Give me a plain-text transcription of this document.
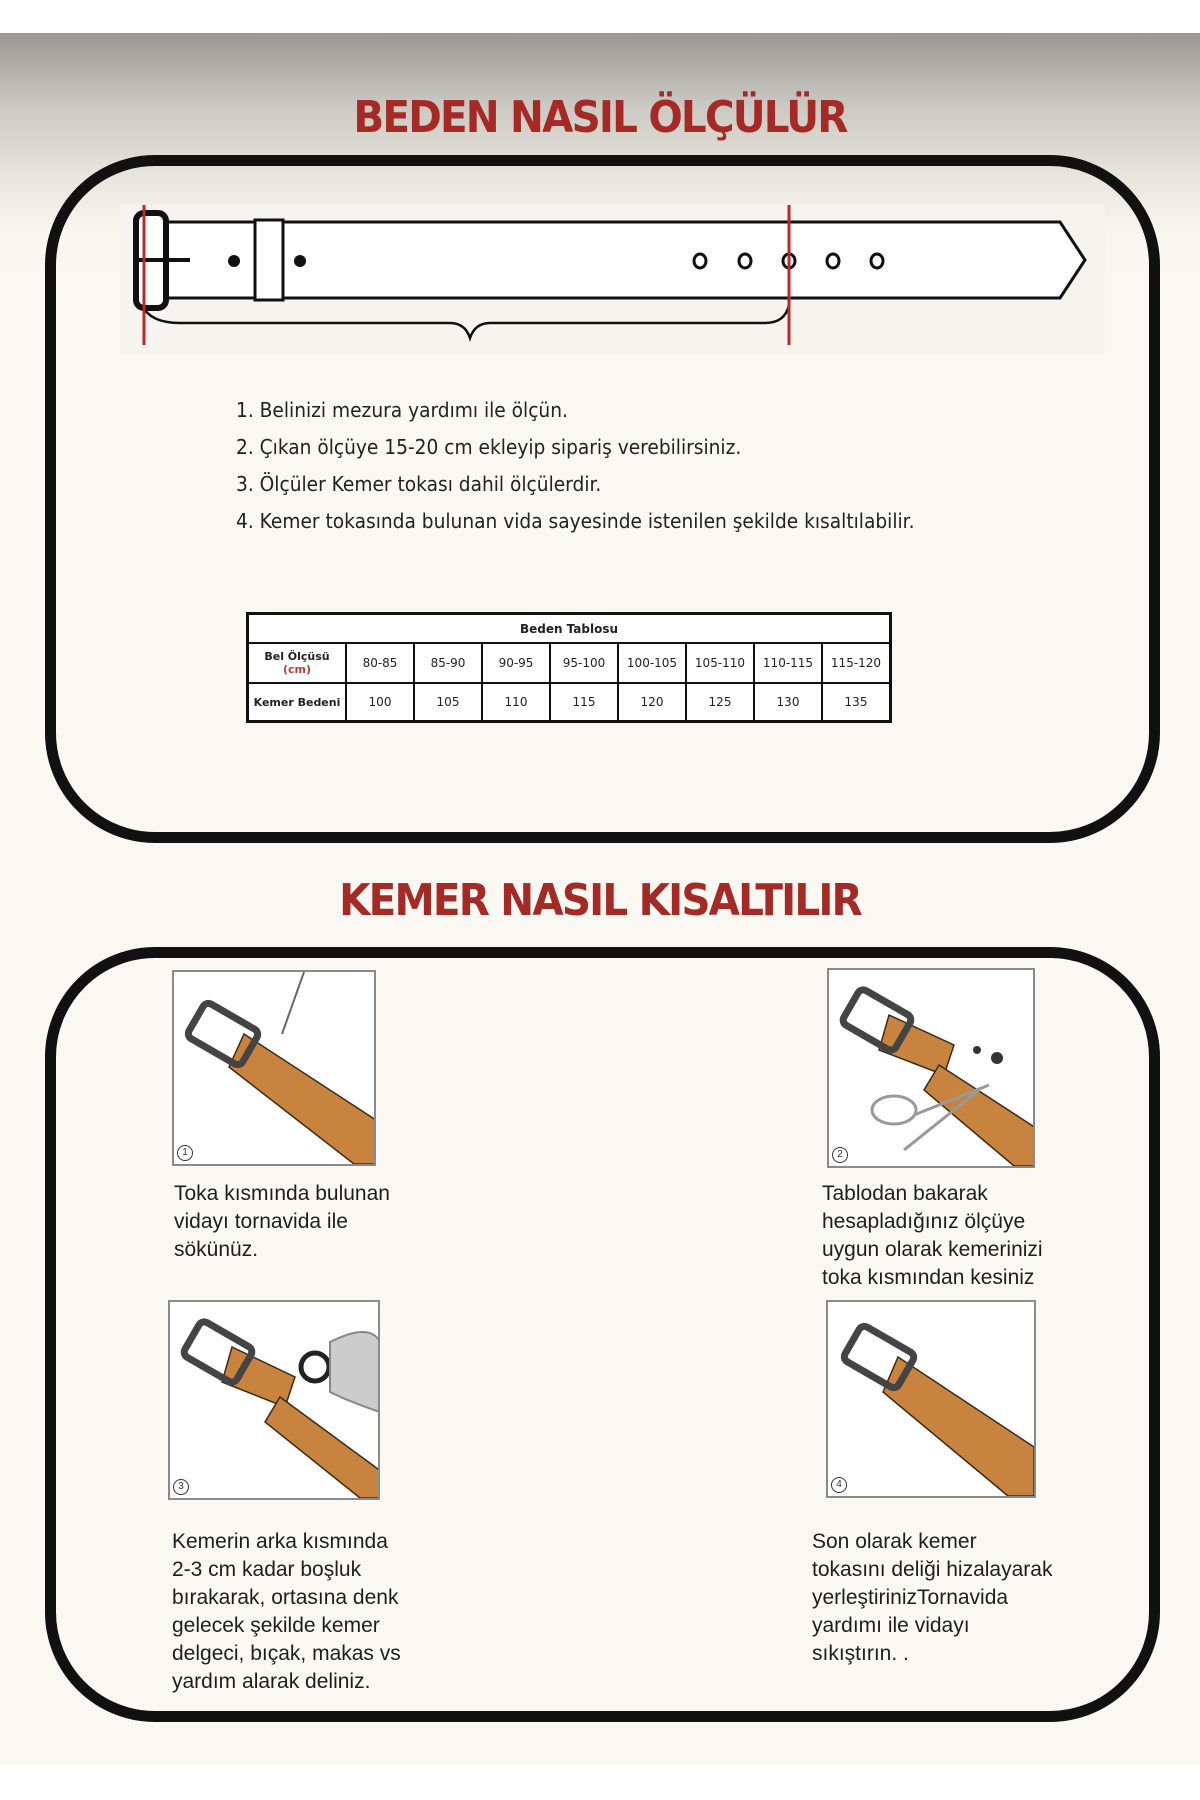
BEDEN NASIL ÖLÇÜLÜR
1. Belinizi mezura yardımı ile ölçün.
2. Çıkan ölçüye 15-20 cm ekleyip sipariş verebilirsiniz.
3. Ölçüler Kemer tokası dahil ölçülerdir.
4. Kemer tokasında bulunan vida sayesinde istenilen şekilde kısaltılabilir.
Beden Tablosu								
Bel Ölçüsü
(cm)	80-85	85-90	90-95	95-100	100-105	105-110	110-115	115-120
Kemer Bedeni	100	105	110	115	120	125	130	135
KEMER NASIL KISALTILIR
1
Toka kısmında bulunan
vidayı tornavida ile
sökünüz.
2
Tablodan bakarak
hesapladığınız ölçüye
uygun olarak kemerinizi
toka kısmından kesiniz
3
Kemerin arka kısmında
2-3 cm kadar boşluk
bırakarak, ortasına denk
gelecek şekilde kemer
delgeci, bıçak, makas vs
yardım alarak deliniz.
4
Son olarak kemer
tokasını deliği hizalayarak
yerleştirinizTornavida
yardımı ile vidayı
sıkıştırın. .
